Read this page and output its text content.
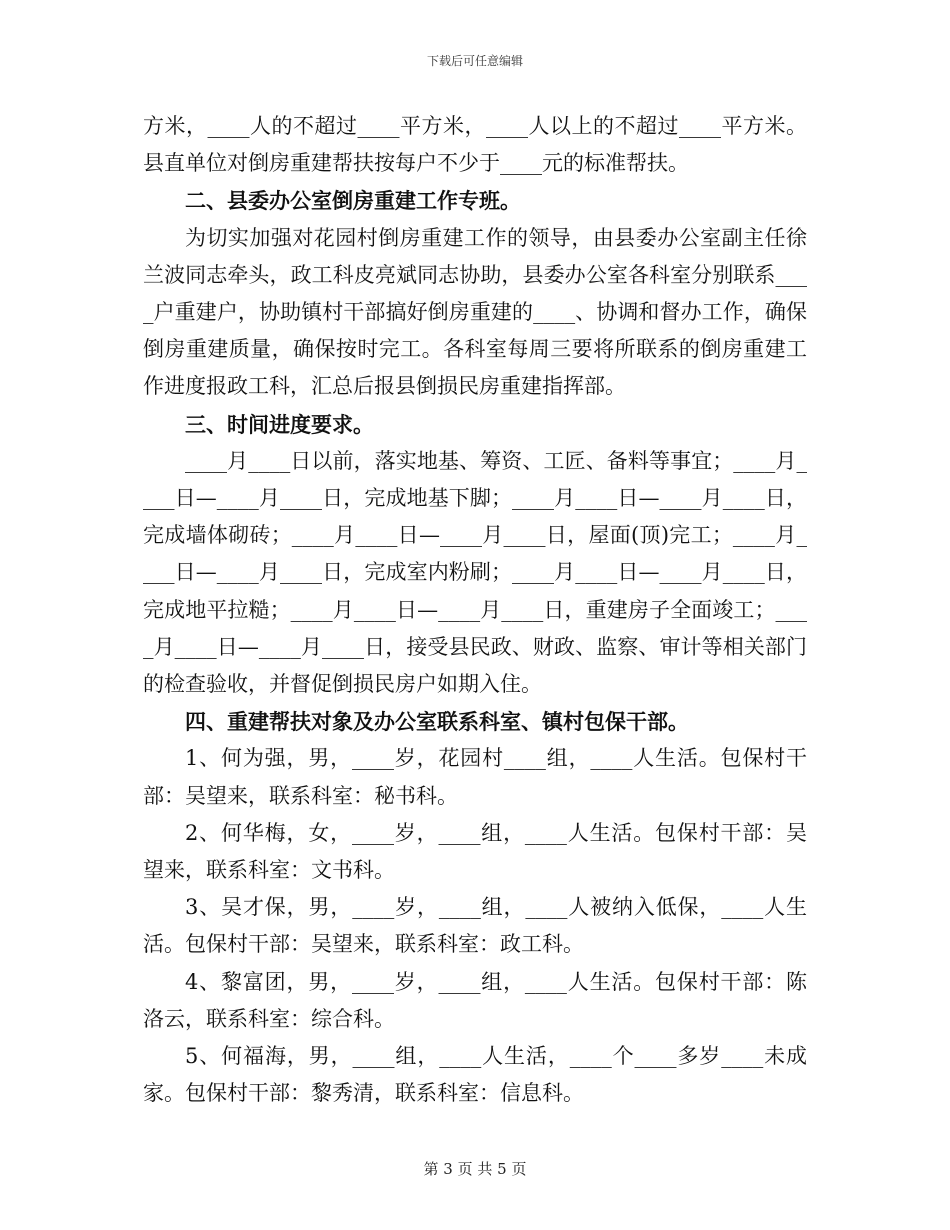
下载后可任意编辑

方米，____人的不超过____平方米，____人以上的不超过____平方米。县直单位对倒房重建帮扶按每户不少于____元的标准帮扶。

二、县委办公室倒房重建工作专班。

为切实加强对花园村倒房重建工作的领导，由县委办公室副主任徐兰波同志牵头，政工科皮亮斌同志协助，县委办公室各科室分别联系____户重建户，协助镇村干部搞好倒房重建的____、协调和督办工作，确保倒房重建质量，确保按时完工。各科室每周三要将所联系的倒房重建工作进度报政工科，汇总后报县倒损民房重建指挥部。

三、时间进度要求。

____月____日以前，落实地基、筹资、工匠、备料等事宜；____月____日—____月____日，完成地基下脚；____月____日—____月____日，完成墙体砌砖；____月____日—____月____日，屋面(顶)完工；____月____日—____月____日，完成室内粉刷；____月____日—____月____日，完成地平拉糙；____月____日—____月____日，重建房子全面竣工；____月____日—____月____日，接受县民政、财政、监察、审计等相关部门的检查验收，并督促倒损民房户如期入住。

四、重建帮扶对象及办公室联系科室、镇村包保干部。

1、何为强，男，____岁，花园村____组，____人生活。包保村干部：吴望来，联系科室：秘书科。

2、何华梅，女，____岁，____组，____人生活。包保村干部：吴望来，联系科室：文书科。

3、吴才保，男，____岁，____组，____人被纳入低保，____人生活。包保村干部：吴望来，联系科室：政工科。

4、黎富团，男，____岁，____组，____人生活。包保村干部：陈洛云，联系科室：综合科。

5、何福海，男，____组，____人生活，____个____多岁____未成家。包保村干部：黎秀清，联系科室：信息科。

第 3 页 共 5 页
